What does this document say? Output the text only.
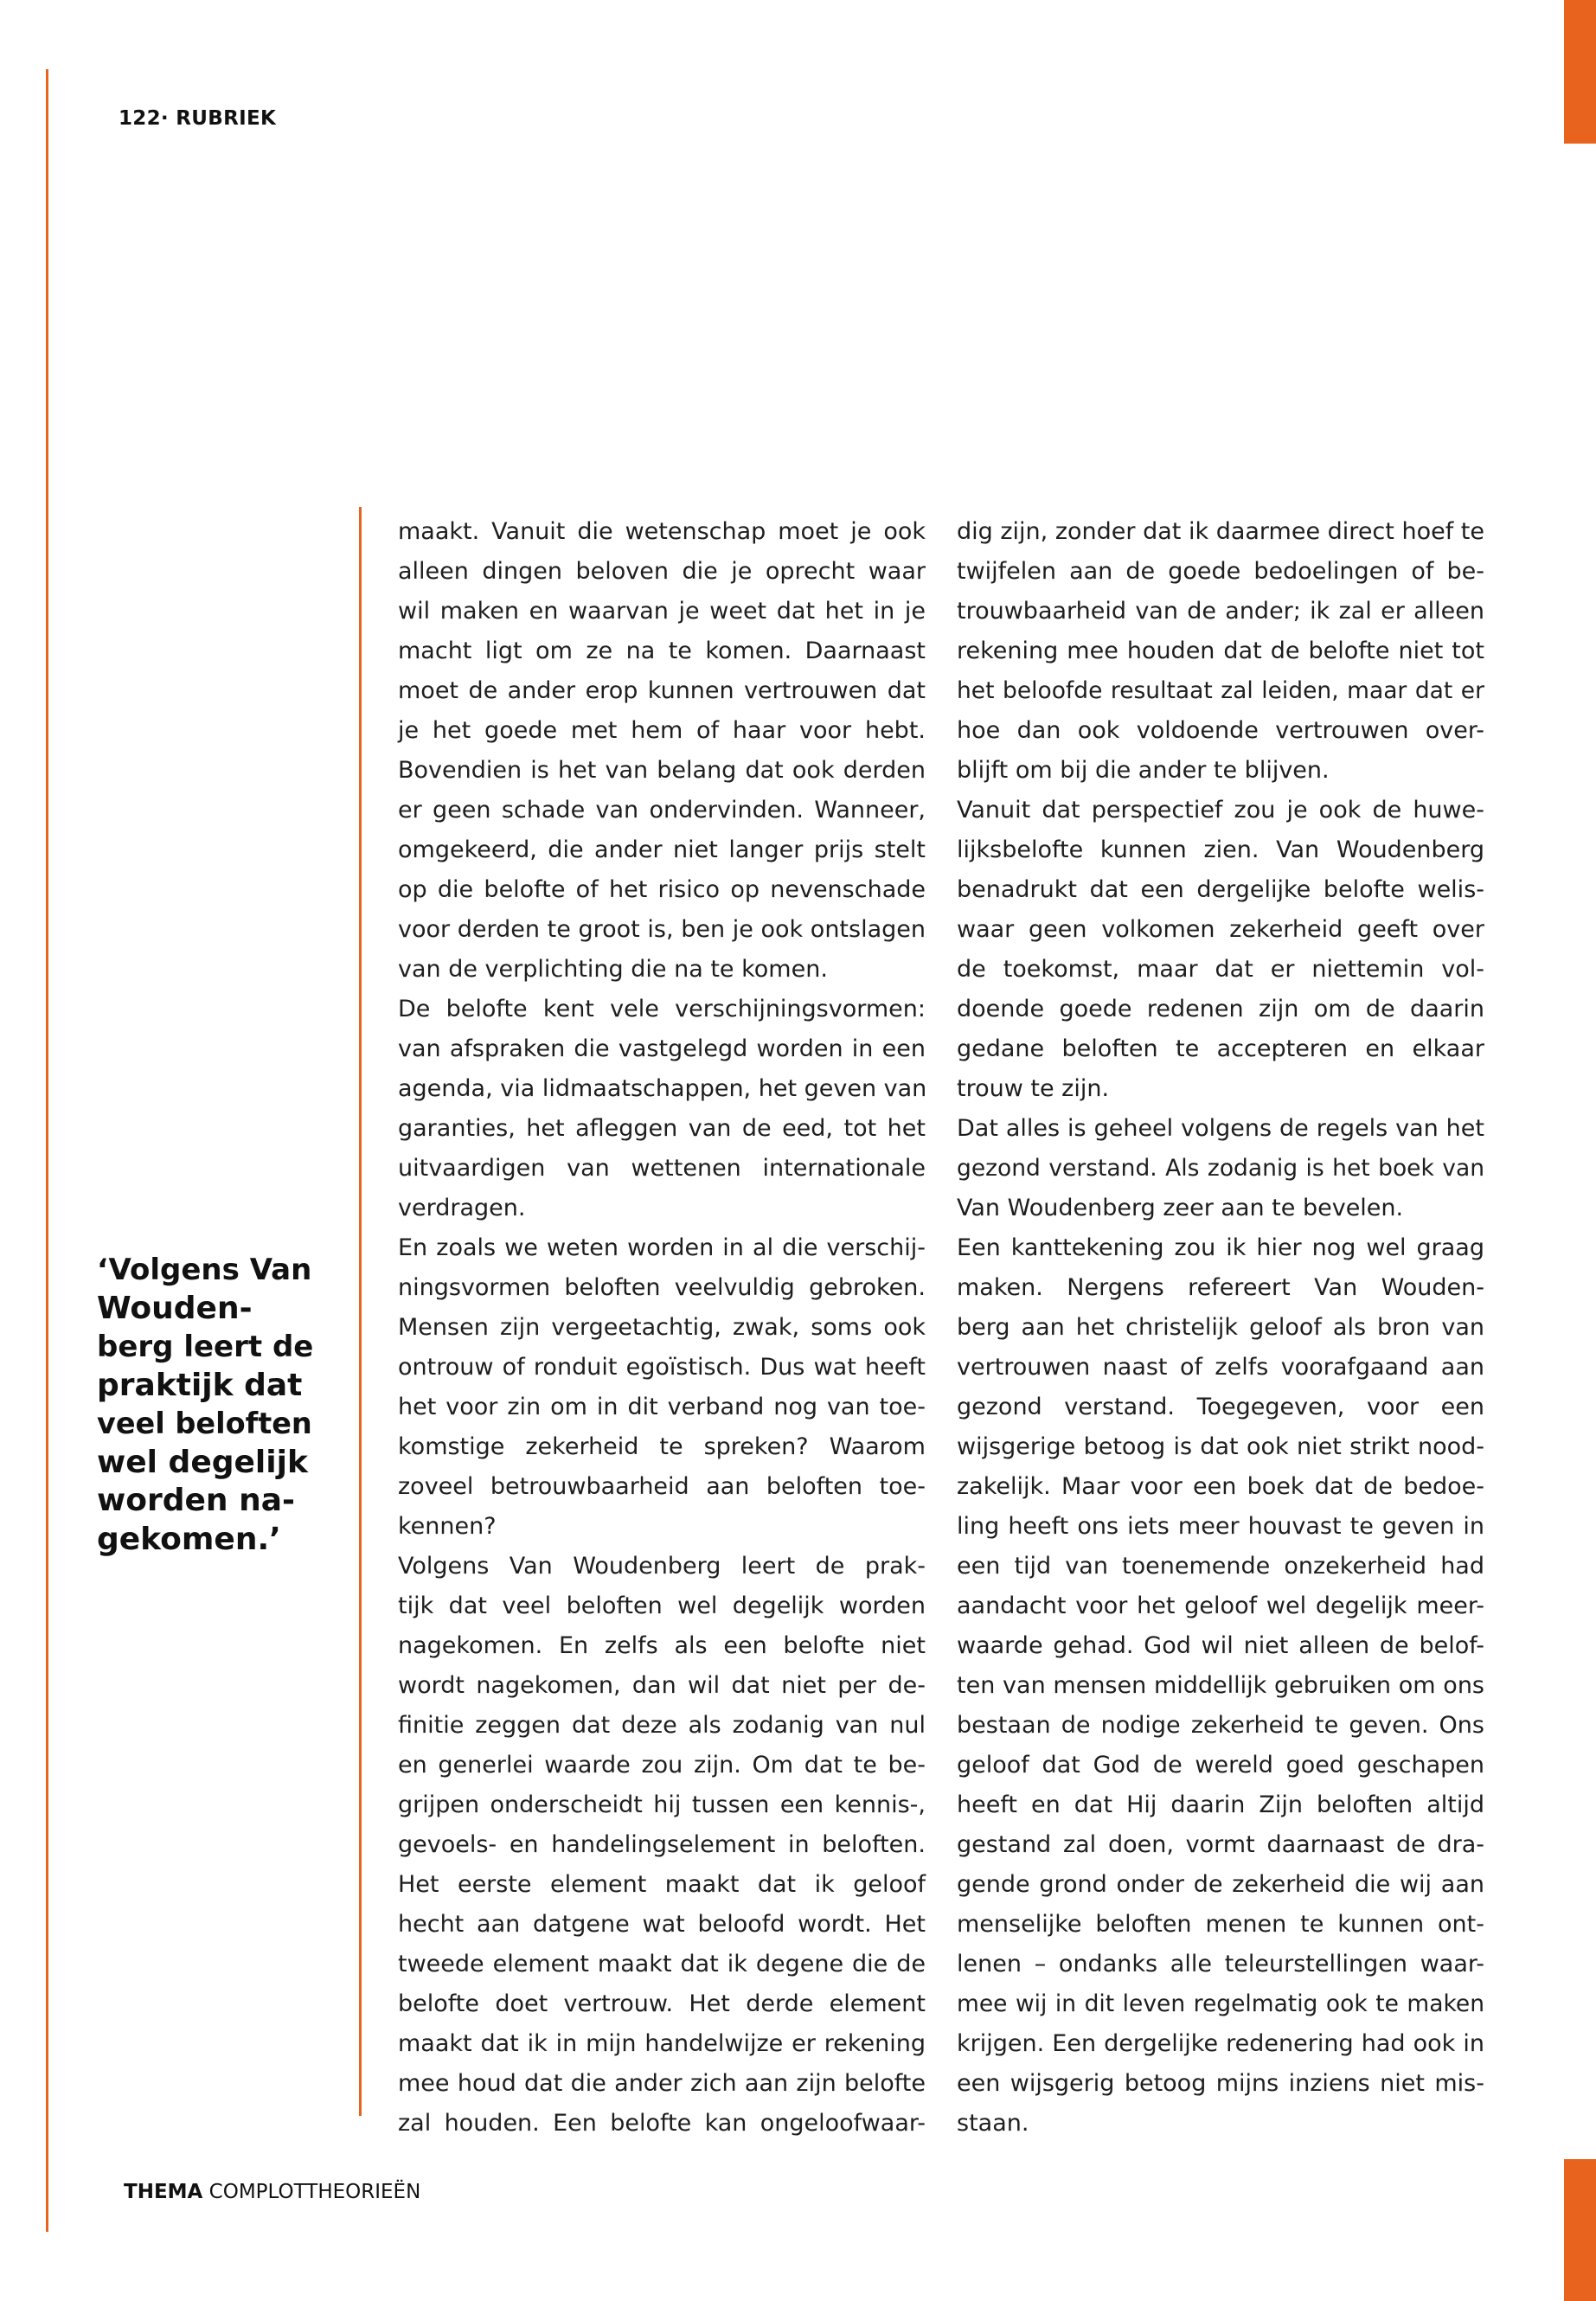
122· RUBRIEK
‘Volgens Van
Wouden-
berg leert de
praktijk dat
veel beloften
wel degelijk
worden na-
gekomen.’
maakt. Vanuit die wetenschap moet je ook
alleen dingen beloven die je oprecht waar
wil maken en waarvan je weet dat het in je
macht ligt om ze na te komen. Daarnaast
moet de ander erop kunnen vertrouwen dat
je het goede met hem of haar voor hebt.
Bovendien is het van belang dat ook derden
er geen schade van ondervinden. Wanneer,
omgekeerd, die ander niet langer prijs stelt
op die belofte of het risico op nevenschade
voor derden te groot is, ben je ook ontslagen
van de verplichting die na te komen.
De belofte kent vele verschijningsvormen:
van afspraken die vastgelegd worden in een
agenda, via lidmaatschappen, het geven van
garanties, het afleggen van de eed, tot het
uitvaardigen van wettenen internationale
verdragen.
En zoals we weten worden in al die verschij-
ningsvormen beloften veelvuldig gebroken.
Mensen zijn vergeetachtig, zwak, soms ook
ontrouw of ronduit egoïstisch. Dus wat heeft
het voor zin om in dit verband nog van toe-
komstige zekerheid te spreken? Waarom
zoveel betrouwbaarheid aan beloften toe-
kennen?
Volgens Van Woudenberg leert de prak-
tijk dat veel beloften wel degelijk worden
nagekomen. En zelfs als een belofte niet
wordt nagekomen, dan wil dat niet per de-
finitie zeggen dat deze als zodanig van nul
en generlei waarde zou zijn. Om dat te be-
grijpen onderscheidt hij tussen een kennis-,
gevoels- en handelingselement in beloften.
Het eerste element maakt dat ik geloof
hecht aan datgene wat beloofd wordt. Het
tweede element maakt dat ik degene die de
belofte doet vertrouw. Het derde element
maakt dat ik in mijn handelwijze er rekening
mee houd dat die ander zich aan zijn belofte
zal houden. Een belofte kan ongeloofwaar-
dig zijn, zonder dat ik daarmee direct hoef te
twijfelen aan de goede bedoelingen of be-
trouwbaarheid van de ander; ik zal er alleen
rekening mee houden dat de belofte niet tot
het beloofde resultaat zal leiden, maar dat er
hoe dan ook voldoende vertrouwen over-
blijft om bij die ander te blijven.
Vanuit dat perspectief zou je ook de huwe-
lijksbelofte kunnen zien. Van Woudenberg
benadrukt dat een dergelijke belofte welis-
waar geen volkomen zekerheid geeft over
de toekomst, maar dat er niettemin vol-
doende goede redenen zijn om de daarin
gedane beloften te accepteren en elkaar
trouw te zijn.
Dat alles is geheel volgens de regels van het
gezond verstand. Als zodanig is het boek van
Van Woudenberg zeer aan te bevelen.
Een kanttekening zou ik hier nog wel graag
maken. Nergens refereert Van Wouden-
berg aan het christelijk geloof als bron van
vertrouwen naast of zelfs voorafgaand aan
gezond verstand. Toegegeven, voor een
wijsgerige betoog is dat ook niet strikt nood-
zakelijk. Maar voor een boek dat de bedoe-
ling heeft ons iets meer houvast te geven in
een tijd van toenemende onzekerheid had
aandacht voor het geloof wel degelijk meer-
waarde gehad. God wil niet alleen de belof-
ten van mensen middellijk gebruiken om ons
bestaan de nodige zekerheid te geven. Ons
geloof dat God de wereld goed geschapen
heeft en dat Hij daarin Zijn beloften altijd
gestand zal doen, vormt daarnaast de dra-
gende grond onder de zekerheid die wij aan
menselijke beloften menen te kunnen ont-
lenen – ondanks alle teleurstellingen waar-
mee wij in dit leven regelmatig ook te maken
krijgen. Een dergelijke redenering had ook in
een wijsgerig betoog mijns inziens niet mis-
staan.
THEMA COMPLOTTHEORIEËN
